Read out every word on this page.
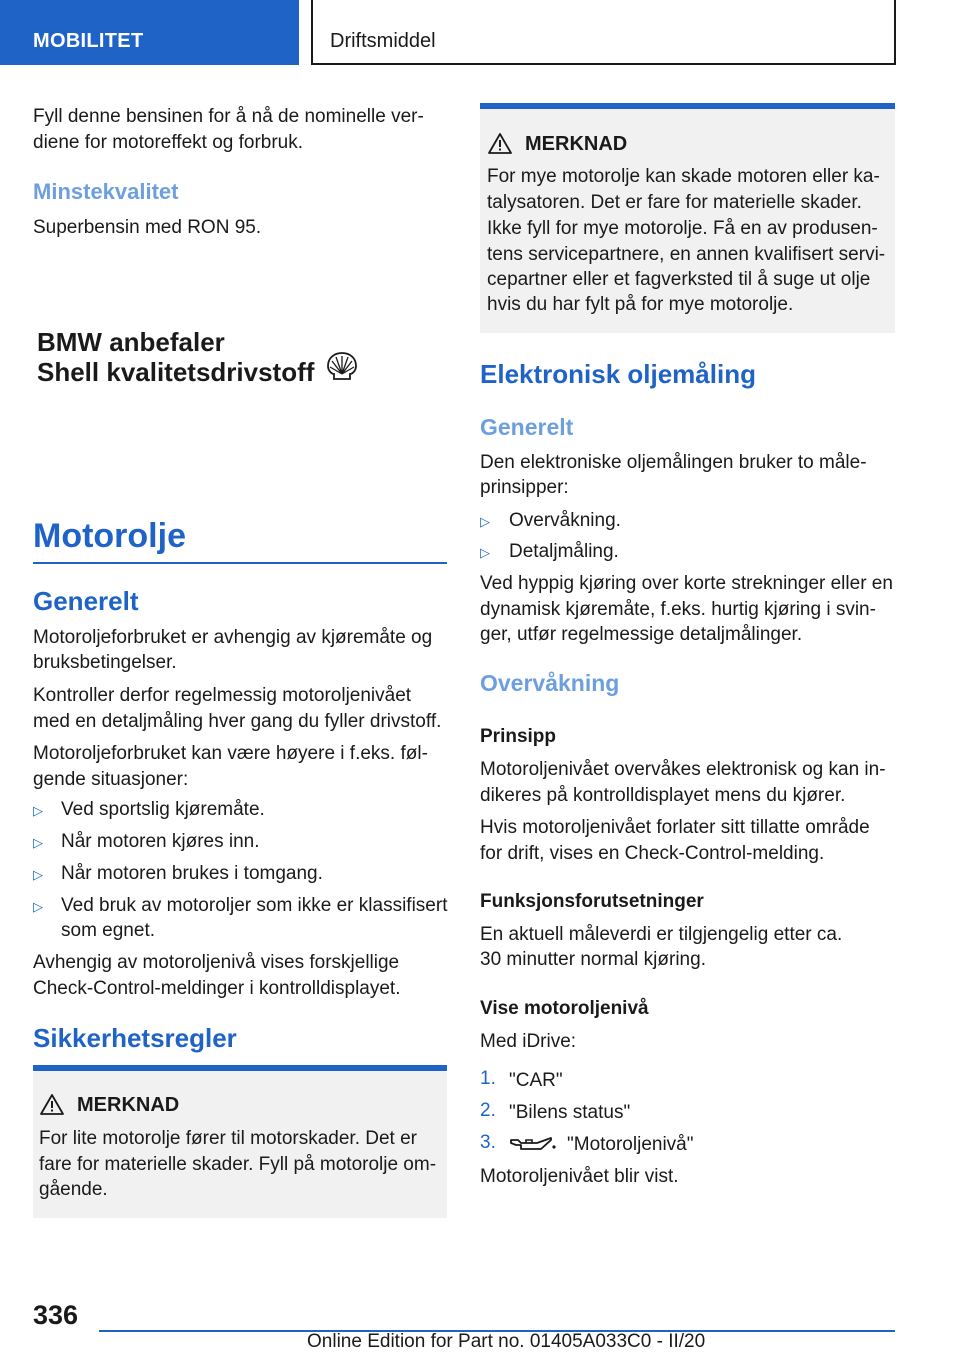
MOBILITET	Driftsmiddel
Fyll denne bensinen for å nå de nominelle ver-
diene for motoreffekt og forbruk.
Minstekvalitet
Superbensin med RON 95.
BMW anbefaler
Shell kvalitetsdrivstoff
Motorolje
Generelt
Motoroljeforbruket er avhengig av kjøremåte og
bruksbetingelser.
Kontroller derfor regelmessig motoroljenivået
med en detaljmåling hver gang du fyller drivstoff.
Motoroljeforbruket kan være høyere i f.eks. føl-
gende situasjoner:
▷ Ved sportslig kjøremåte.
▷ Når motoren kjøres inn.
▷ Når motoren brukes i tomgang.
▷ Ved bruk av motoroljer som ikke er klassifisert
som egnet.
Avhengig av motoroljenivå vises forskjellige
Check-Control-meldinger i kontrolldisplayet.
Sikkerhetsregler
MERKNAD
For lite motorolje fører til motorskader. Det er
fare for materielle skader. Fyll på motorolje om-
gående.
MERKNAD
For mye motorolje kan skade motoren eller ka-
talysatoren. Det er fare for materielle skader.
Ikke fyll for mye motorolje. Få en av produsen-
tens servicepartnere, en annen kvalifisert servi-
cepartner eller et fagverksted til å suge ut olje
hvis du har fylt på for mye motorolje.
Elektronisk oljemåling
Generelt
Den elektroniske oljemålingen bruker to måle-
prinsipper:
▷ Overvåkning.
▷ Detaljmåling.
Ved hyppig kjøring over korte strekninger eller en
dynamisk kjøremåte, f.eks. hurtig kjøring i svin-
ger, utfør regelmessige detaljmålinger.
Overvåkning
Prinsipp
Motoroljenivået overvåkes elektronisk og kan in-
dikeres på kontrolldisplayet mens du kjører.
Hvis motoroljenivået forlater sitt tillatte område
for drift, vises en Check-Control-melding.
Funksjonsforutsetninger
En aktuell måleverdi er tilgjengelig etter ca.
30 minutter normal kjøring.
Vise motoroljenivå
Med iDrive:
1. "CAR"
2. "Bilens status"
3.	"Motoroljenivå"
Motoroljenivået blir vist.
336
Online Edition for Part no. 01405A033C0 - II/20
